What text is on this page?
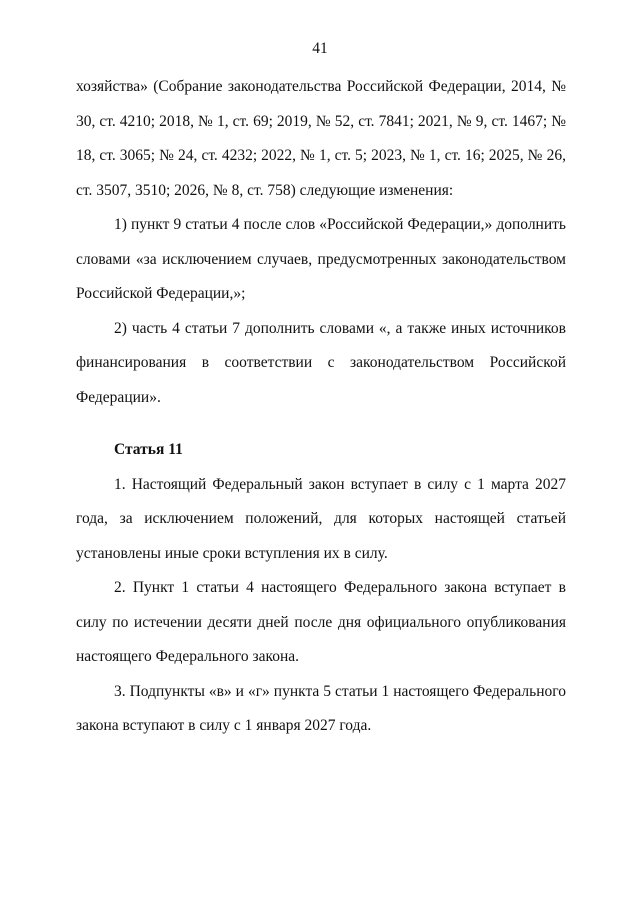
41

хозяйства» (Собрание законодательства Российской Федерации, 2014, № 30, ст. 4210; 2018, № 1, ст. 69; 2019, № 52, ст. 7841; 2021, № 9, ст. 1467; № 18, ст. 3065; № 24, ст. 4232; 2022, № 1, ст. 5; 2023, № 1, ст. 16; 2025, № 26, ст. 3507, 3510; 2026, № 8, ст. 758) следующие изменения:

1) пункт 9 статьи 4 после слов «Российской Федерации,» дополнить словами «за исключением случаев, предусмотренных законодательством Российской Федерации,»;

2) часть 4 статьи 7 дополнить словами «, а также иных источников финансирования в соответствии с законодательством Российской Федерации».

Статья 11

1. Настоящий Федеральный закон вступает в силу с 1 марта 2027 года, за исключением положений, для которых настоящей статьей установлены иные сроки вступления их в силу.

2. Пункт 1 статьи 4 настоящего Федерального закона вступает в силу по истечении десяти дней после дня официального опубликования настоящего Федерального закона.

3. Подпункты «в» и «г» пункта 5 статьи 1 настоящего Федерального закона вступают в силу с 1 января 2027 года.
